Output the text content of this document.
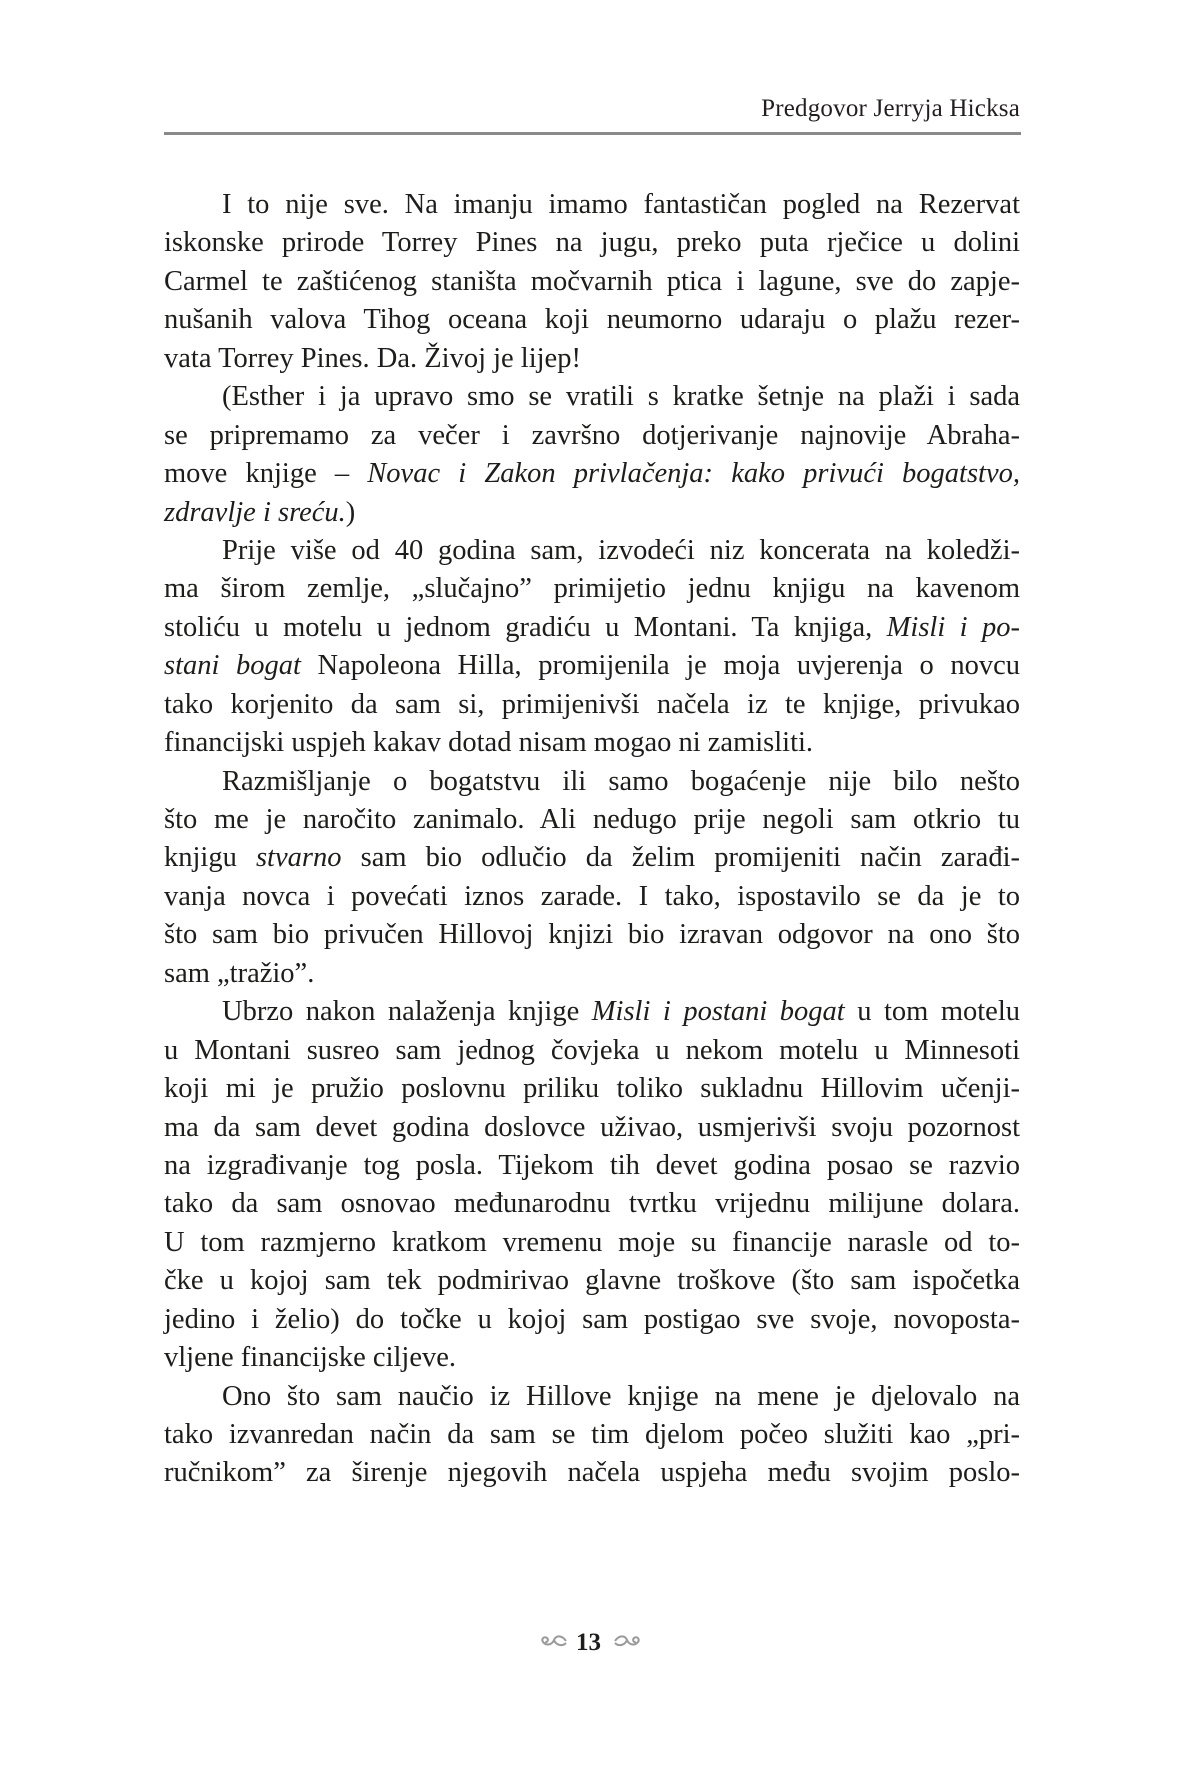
Predgovor Jerryja Hicksa
I to nije sve. Na imanju imamo fantastičan pogled na Rezervat
iskonske prirode Torrey Pines na jugu, preko puta rječice u dolini
Carmel te zaštićenog staništa močvarnih ptica i lagune, sve do zapje-
nušanih valova Tihog oceana koji neumorno udaraju o plažu rezer-
vata Torrey Pines. Da. Živoj je lijep!
(Esther i ja upravo smo se vratili s kratke šetnje na plaži i sada
se pripremamo za večer i završno dotjerivanje najnovije Abraha-
move knjige – Novac i Zakon privlačenja: kako privući bogatstvo,
zdravlje i sreću.)
Prije više od 40 godina sam, izvodeći niz koncerata na koledži-
ma širom zemlje, „slučajno” primijetio jednu knjigu na kavenom
stoliću u motelu u jednom gradiću u Montani. Ta knjiga, Misli i po-
stani bogat Napoleona Hilla, promijenila je moja uvjerenja o novcu
tako korjenito da sam si, primijenivši načela iz te knjige, privukao
financijski uspjeh kakav dotad nisam mogao ni zamisliti.
Razmišljanje o bogatstvu ili samo bogaćenje nije bilo nešto
što me je naročito zanimalo. Ali nedugo prije negoli sam otkrio tu
knjigu stvarno sam bio odlučio da želim promijeniti način zarađi-
vanja novca i povećati iznos zarade. I tako, ispostavilo se da je to
što sam bio privučen Hillovoj knjizi bio izravan odgovor na ono što
sam „tražio”.
Ubrzo nakon nalaženja knjige Misli i postani bogat u tom motelu
u Montani susreo sam jednog čovjeka u nekom motelu u Minnesoti
koji mi je pružio poslovnu priliku toliko sukladnu Hillovim učenji-
ma da sam devet godina doslovce uživao, usmjerivši svoju pozornost
na izgrađivanje tog posla. Tijekom tih devet godina posao se razvio
tako da sam osnovao međunarodnu tvrtku vrijednu milijune dolara.
U tom razmjerno kratkom vremenu moje su financije narasle od to-
čke u kojoj sam tek podmirivao glavne troškove (što sam ispočetka
jedino i želio) do točke u kojoj sam postigao sve svoje, novoposta-
vljene financijske ciljeve.
Ono što sam naučio iz Hillove knjige na mene je djelovalo na
tako izvanredan način da sam se tim djelom počeo služiti kao „pri-
ručnikom” za širenje njegovih načela uspjeha među svojim poslo-
13
